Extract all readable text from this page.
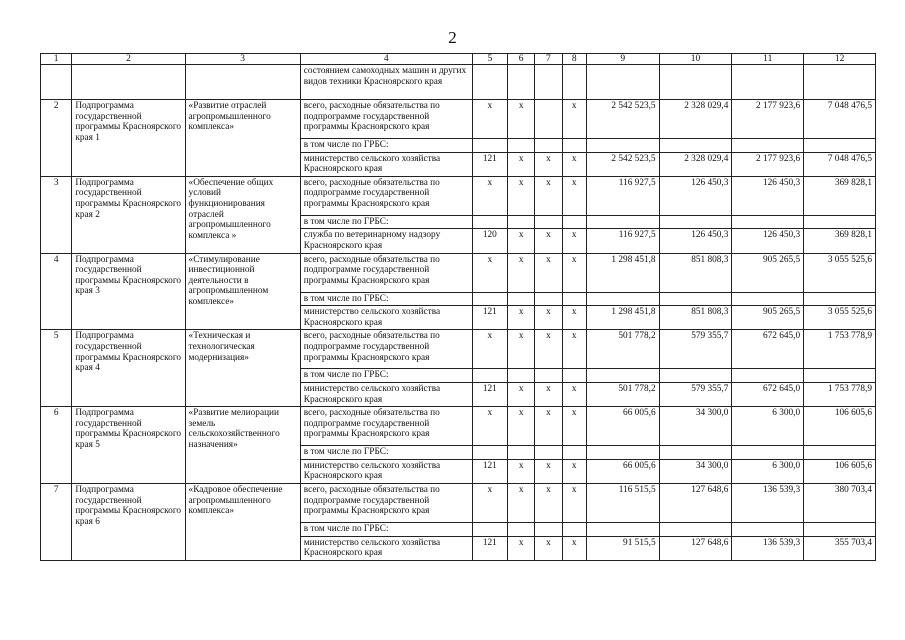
2
1	2	3	4	5	6	7	8	9	10	11	12
			состоянием самоходных машин и других видов техники Красноярского края								
2	Подпрограмма государственной программы Красноярского края 1	«Развитие отраслей агропромышленного комплекса»	всего, расходные обязательства по подпрограмме государственной программы Красноярского края	x	x		x	2 542 523,5	2 328 029,4	2 177 923,6	7 048 476,5
			в том числе по ГРБС:								
			министерство сельского хозяйства Красноярского края	121	x	x	x	2 542 523,5	2 328 029,4	2 177 923,6	7 048 476,5
3	Подпрограмма государственной программы Красноярского края 2	«Обеспечение общих условий функционирования отраслей агропромышленного комплекса »	всего, расходные обязательства по подпрограмме государственной программы Красноярского края	x	x	x	x	116 927,5	126 450,3	126 450,3	369 828,1
			в том числе по ГРБС:								
			служба по ветеринарному надзору Красноярского края	120	x	x	x	116 927,5	126 450,3	126 450,3	369 828,1
4	Подпрограмма государственной программы Красноярского края 3	«Стимулирование инвестиционной деятельности в агропромышленном комплексе»	всего, расходные обязательства по подпрограмме государственной программы Красноярского края	x	x	x	x	1 298 451,8	851 808,3	905 265,5	3 055 525,6
			в том числе по ГРБС:								
			министерство сельского хозяйства Красноярского края	121	x	x	x	1 298 451,8	851 808,3	905 265,5	3 055 525,6
5	Подпрограмма государственной программы Красноярского края 4	«Техническая и технологическая модернизация»	всего, расходные обязательства по подпрограмме государственной программы Красноярского края	x	x	x	x	501 778,2	579 355,7	672 645,0	1 753 778,9
			в том числе по ГРБС:								
			министерство сельского хозяйства Красноярского края	121	x	x	x	501 778,2	579 355,7	672 645,0	1 753 778,9
6	Подпрограмма государственной программы Красноярского края 5	«Развитие мелиорации земель сельскохозяйственного назначения»	всего, расходные обязательства по подпрограмме государственной программы Красноярского края	x	x	x	x	66 005,6	34 300,0	6 300,0	106 605,6
			в том числе по ГРБС:								
			министерство сельского хозяйства Красноярского края	121	x	x	x	66 005,6	34 300,0	6 300,0	106 605,6
7	Подпрограмма государственной программы Красноярского края 6	«Кадровое обеспечение агропромышленного комплекса»	всего, расходные обязательства по подпрограмме государственной программы Красноярского края	x	x	x	x	116 515,5	127 648,6	136 539,3	380 703,4
			в том числе по ГРБС:								
			министерство сельского хозяйства Красноярского края	121	x	x	x	91 515,5	127 648,6	136 539,3	355 703,4
